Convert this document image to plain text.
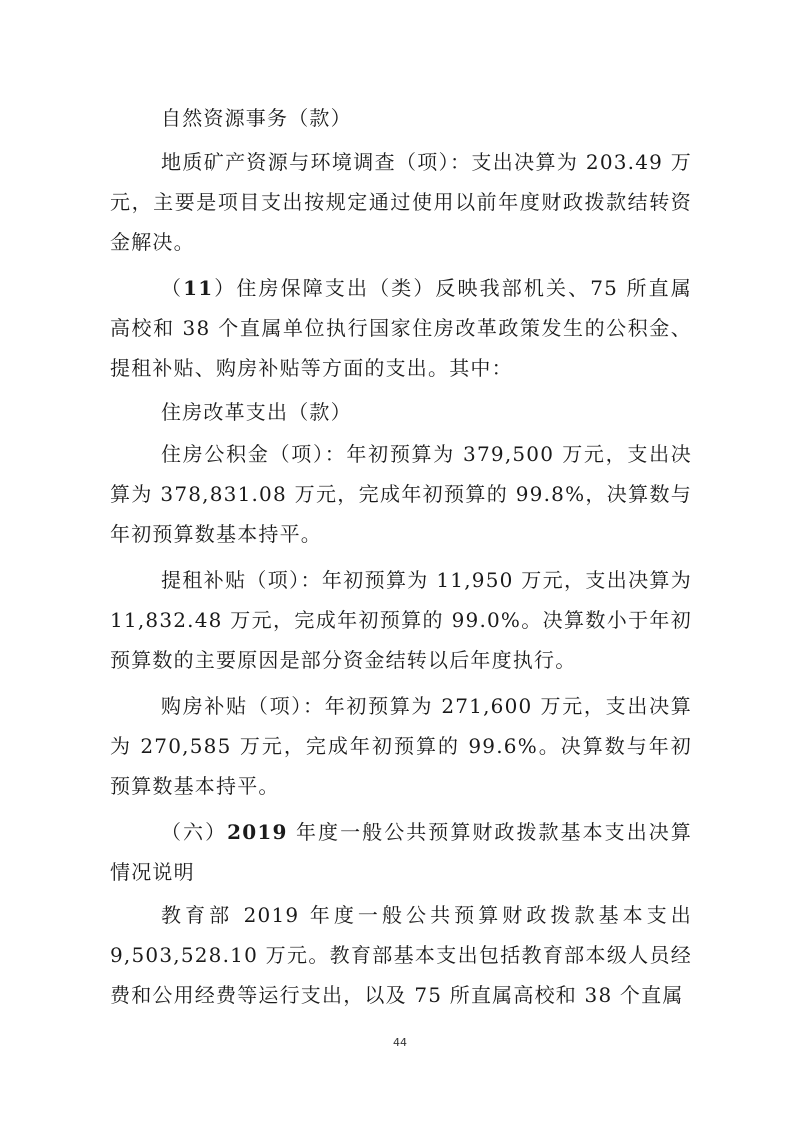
自然资源事务（款）

地质矿产资源与环境调查（项）：支出决算为 203.49 万元，主要是项目支出按规定通过使用以前年度财政拨款结转资金解决。

（11）住房保障支出（类）反映我部机关、75 所直属高校和 38 个直属单位执行国家住房改革政策发生的公积金、提租补贴、购房补贴等方面的支出。其中：

住房改革支出（款）

住房公积金（项）：年初预算为 379,500 万元，支出决算为 378,831.08 万元，完成年初预算的 99.8%，决算数与年初预算数基本持平。

提租补贴（项）：年初预算为 11,950 万元，支出决算为 11,832.48 万元，完成年初预算的 99.0%。决算数小于年初预算数的主要原因是部分资金结转以后年度执行。

购房补贴（项）：年初预算为 271,600 万元，支出决算为 270,585 万元，完成年初预算的 99.6%。决算数与年初预算数基本持平。

（六）2019 年度一般公共预算财政拨款基本支出决算情况说明

教育部 2019 年度一般公共预算财政拨款基本支出 9,503,528.10 万元。教育部基本支出包括教育部本级人员经费和公用经费等运行支出，以及 75 所直属高校和 38 个直属

44
